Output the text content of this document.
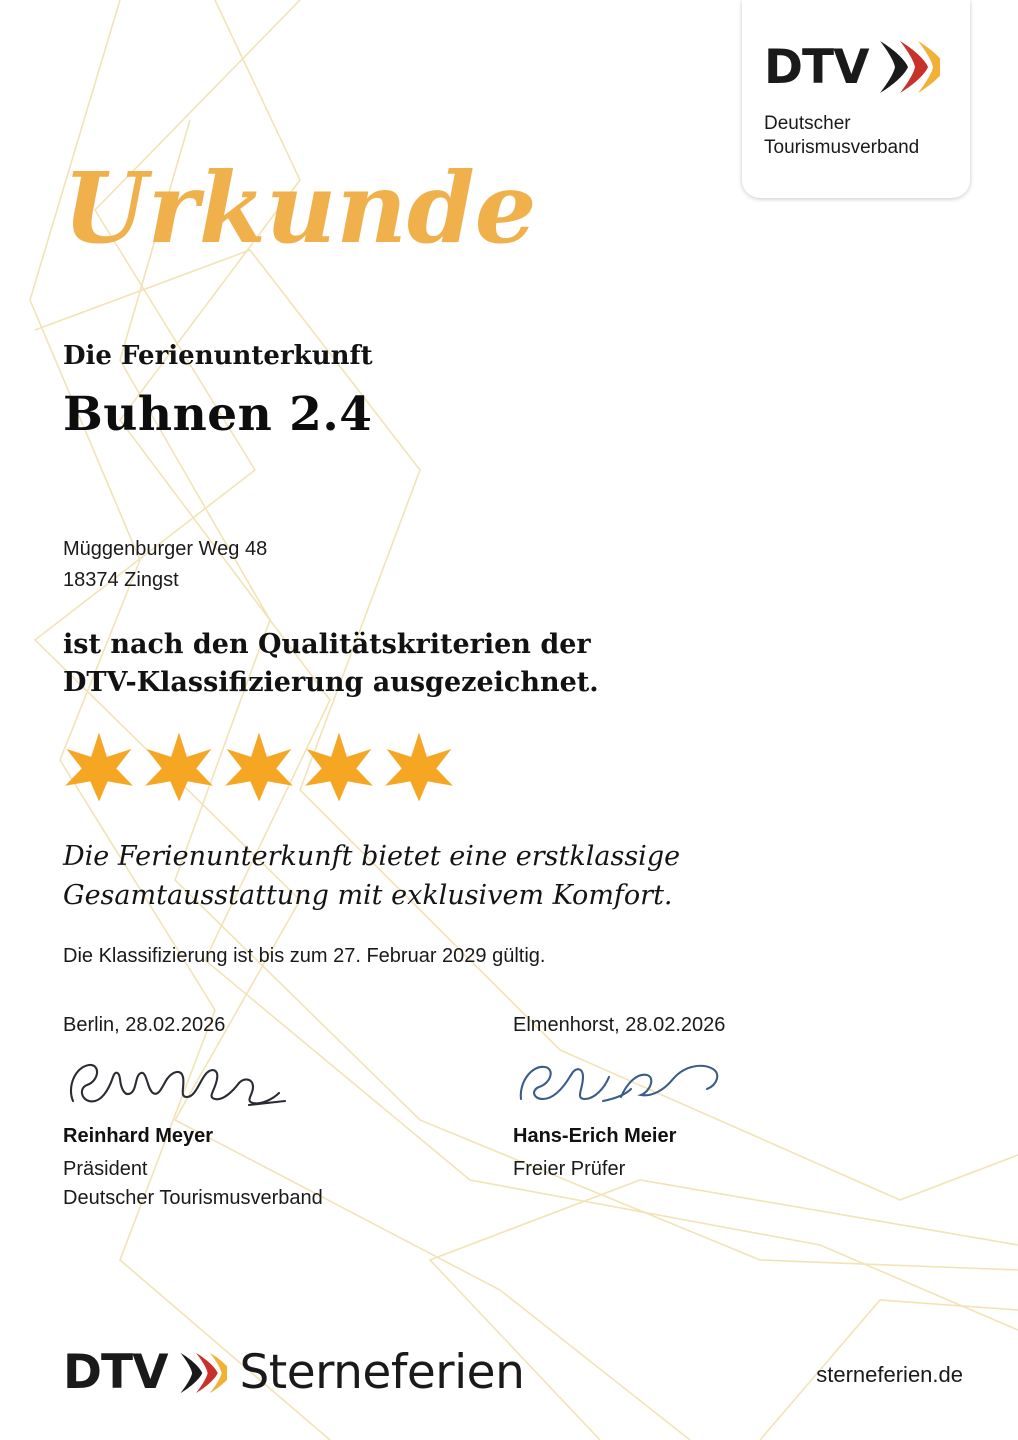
DTV
Deutscher
Tourismusverband
Urkunde
Die Ferienunterkunft
Buhnen 2.4
Müggenburger Weg 48
18374 Zingst
ist nach den Qualitätskriterien der
DTV-Klassifizierung ausgezeichnet.
Die Ferienunterkunft bietet eine erstklassige
Gesamtausstattung mit exklusivem Komfort.
Die Klassifizierung ist bis zum 27. Februar 2029 gültig.
Berlin, 28.02.2026
Reinhard Meyer
Präsident
Deutscher Tourismusverband
Elmenhorst, 28.02.2026
Hans-Erich Meier
Freier Prüfer
DTV Sterneferien	sterneferien.de
